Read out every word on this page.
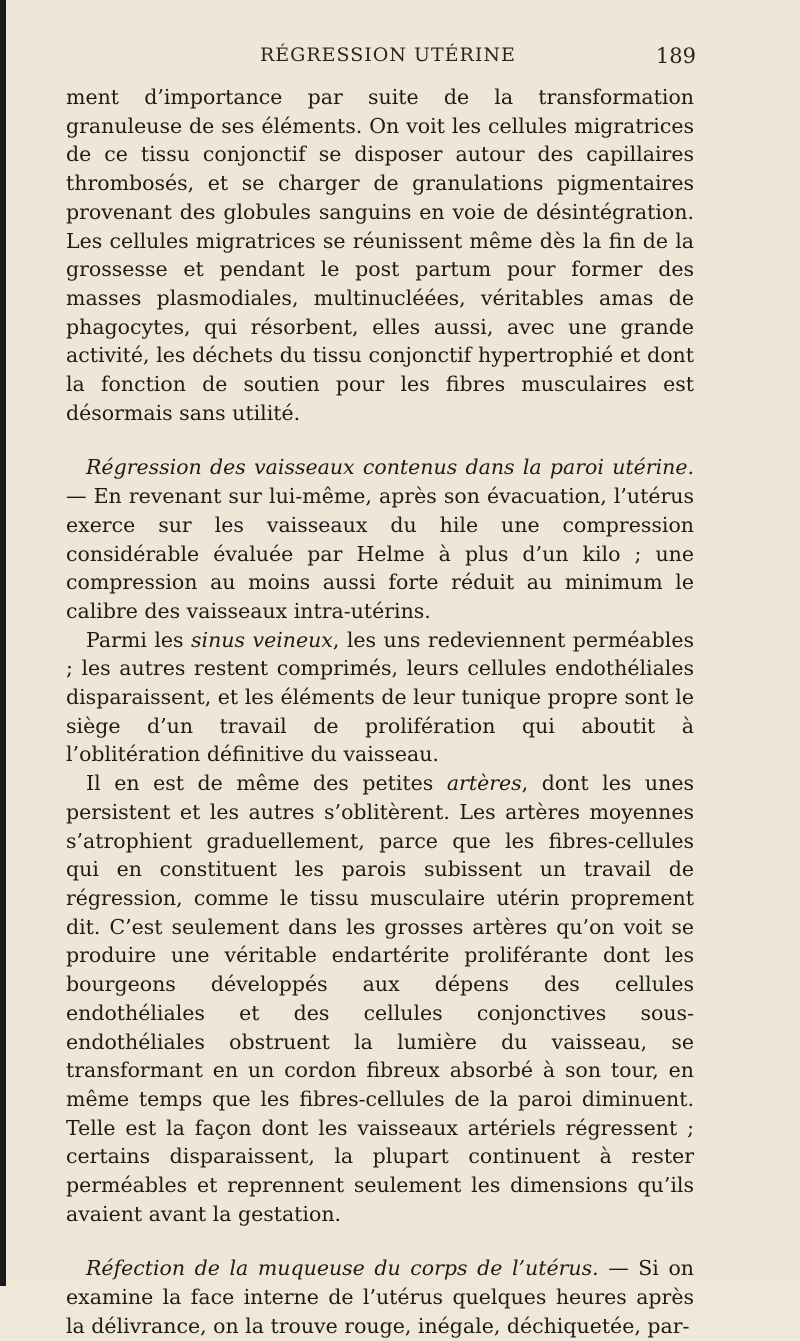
RÉGRESSION UTÉRINE	189

ment d’importance par suite de la transformation granuleuse de ses éléments. On voit les cellules migratrices de ce tissu conjonctif se disposer autour des capillaires thrombosés, et se charger de granulations pigmentaires provenant des globules sanguins en voie de désintégration. Les cellules migratrices se réunissent même dès la fin de la grossesse et pendant le post partum pour former des masses plasmodiales, multinucléées, véritables amas de phagocytes, qui résorbent, elles aussi, avec une grande activité, les déchets du tissu conjonctif hypertrophié et dont la fonction de soutien pour les fibres musculaires est désormais sans utilité.

Régression des vaisseaux contenus dans la paroi utérine. — En revenant sur lui-même, après son évacuation, l’utérus exerce sur les vaisseaux du hile une compression considérable évaluée par Helme à plus d’un kilo ; une compression au moins aussi forte réduit au minimum le calibre des vaisseaux intra-utérins.

Parmi les sinus veineux, les uns redeviennent perméables ; les autres restent comprimés, leurs cellules endothéliales disparaissent, et les éléments de leur tunique propre sont le siège d’un travail de prolifération qui aboutit à l’oblitération définitive du vaisseau.

Il en est de même des petites artères, dont les unes persistent et les autres s’oblitèrent. Les artères moyennes s’atrophient graduellement, parce que les fibres-cellules qui en constituent les parois subissent un travail de régression, comme le tissu musculaire utérin proprement dit. C’est seulement dans les grosses artères qu’on voit se produire une véritable endartérite proliférante dont les bourgeons développés aux dépens des cellules endothéliales et des cellules conjonctives sous-endothéliales obstruent la lumière du vaisseau, se transformant en un cordon fibreux absorbé à son tour, en même temps que les fibres-cellules de la paroi diminuent. Telle est la façon dont les vaisseaux artériels régressent ; certains disparaissent, la plupart continuent à rester perméables et reprennent seulement les dimensions qu’ils avaient avant la gestation.

Réfection de la muqueuse du corps de l’utérus. — Si on examine la face interne de l’utérus quelques heures après la délivrance, on la trouve rouge, inégale, déchiquetée, par-
